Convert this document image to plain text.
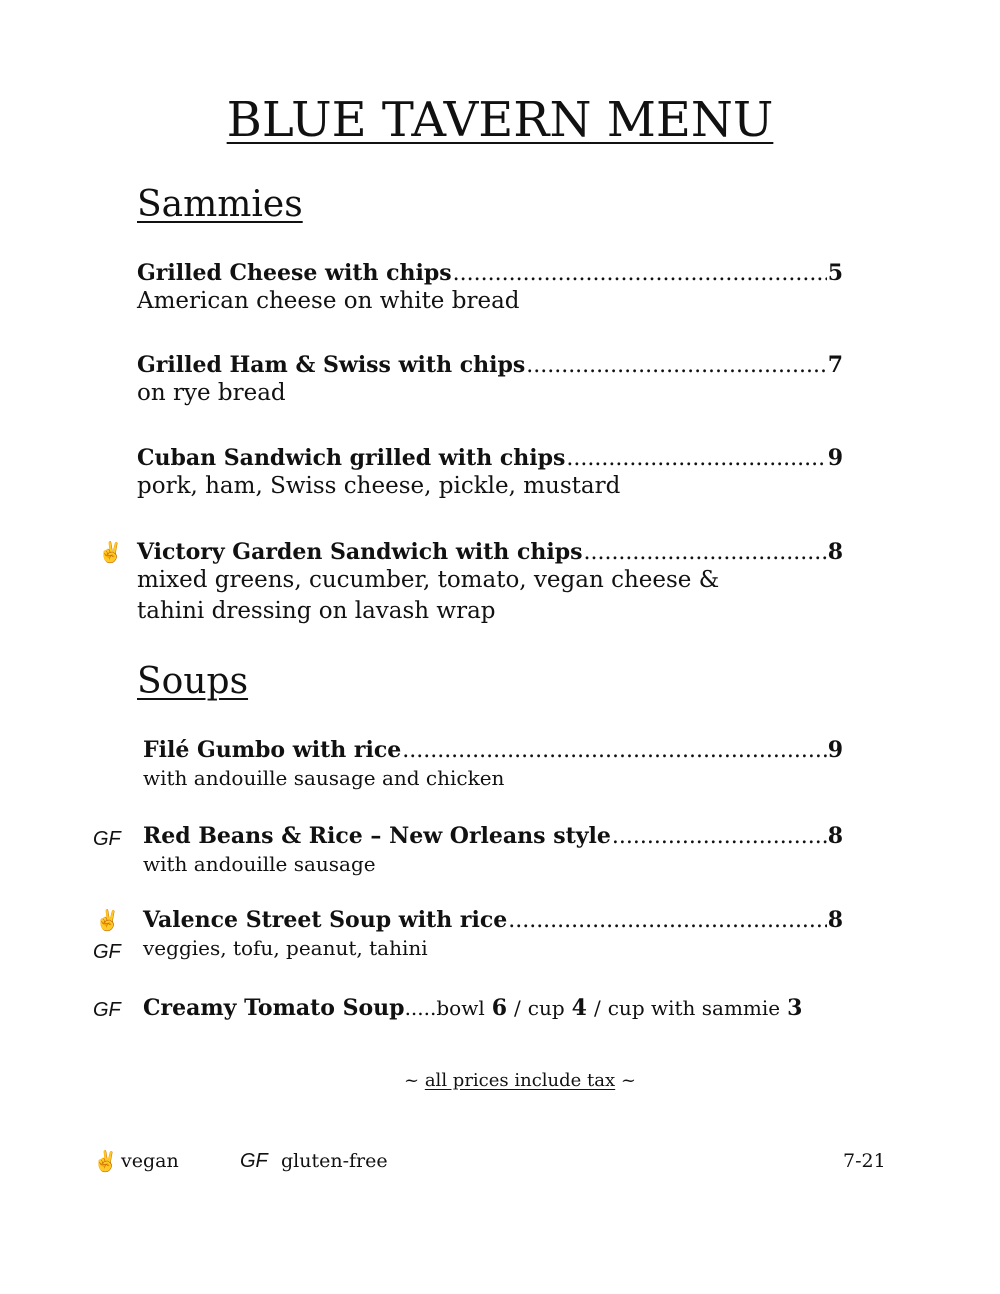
BLUE TAVERN MENU
Sammies
Grilled Cheese with chips .....	5
American cheese on white bread
Grilled Ham & Swiss with chips .....	7
on rye bread
Cuban Sandwich grilled with chips .....	9
pork, ham, Swiss cheese, pickle, mustard
✌ Victory Garden Sandwich with chips .....	8
mixed greens, cucumber, tomato, vegan cheese & tahini dressing on lavash wrap
Soups
Filé Gumbo with rice .....	9
with andouille sausage and chicken
GF Red Beans & Rice – New Orleans style .....	8
with andouille sausage
✌
GF
Valence Street Soup with rice .....	8
veggies, tofu, peanut, tahini
GF Creamy Tomato Soup.....bowl 6 / cup 4 / cup with sammie 3
~ all prices include tax ~
✌ vegan	GF gluten-free	7-21
